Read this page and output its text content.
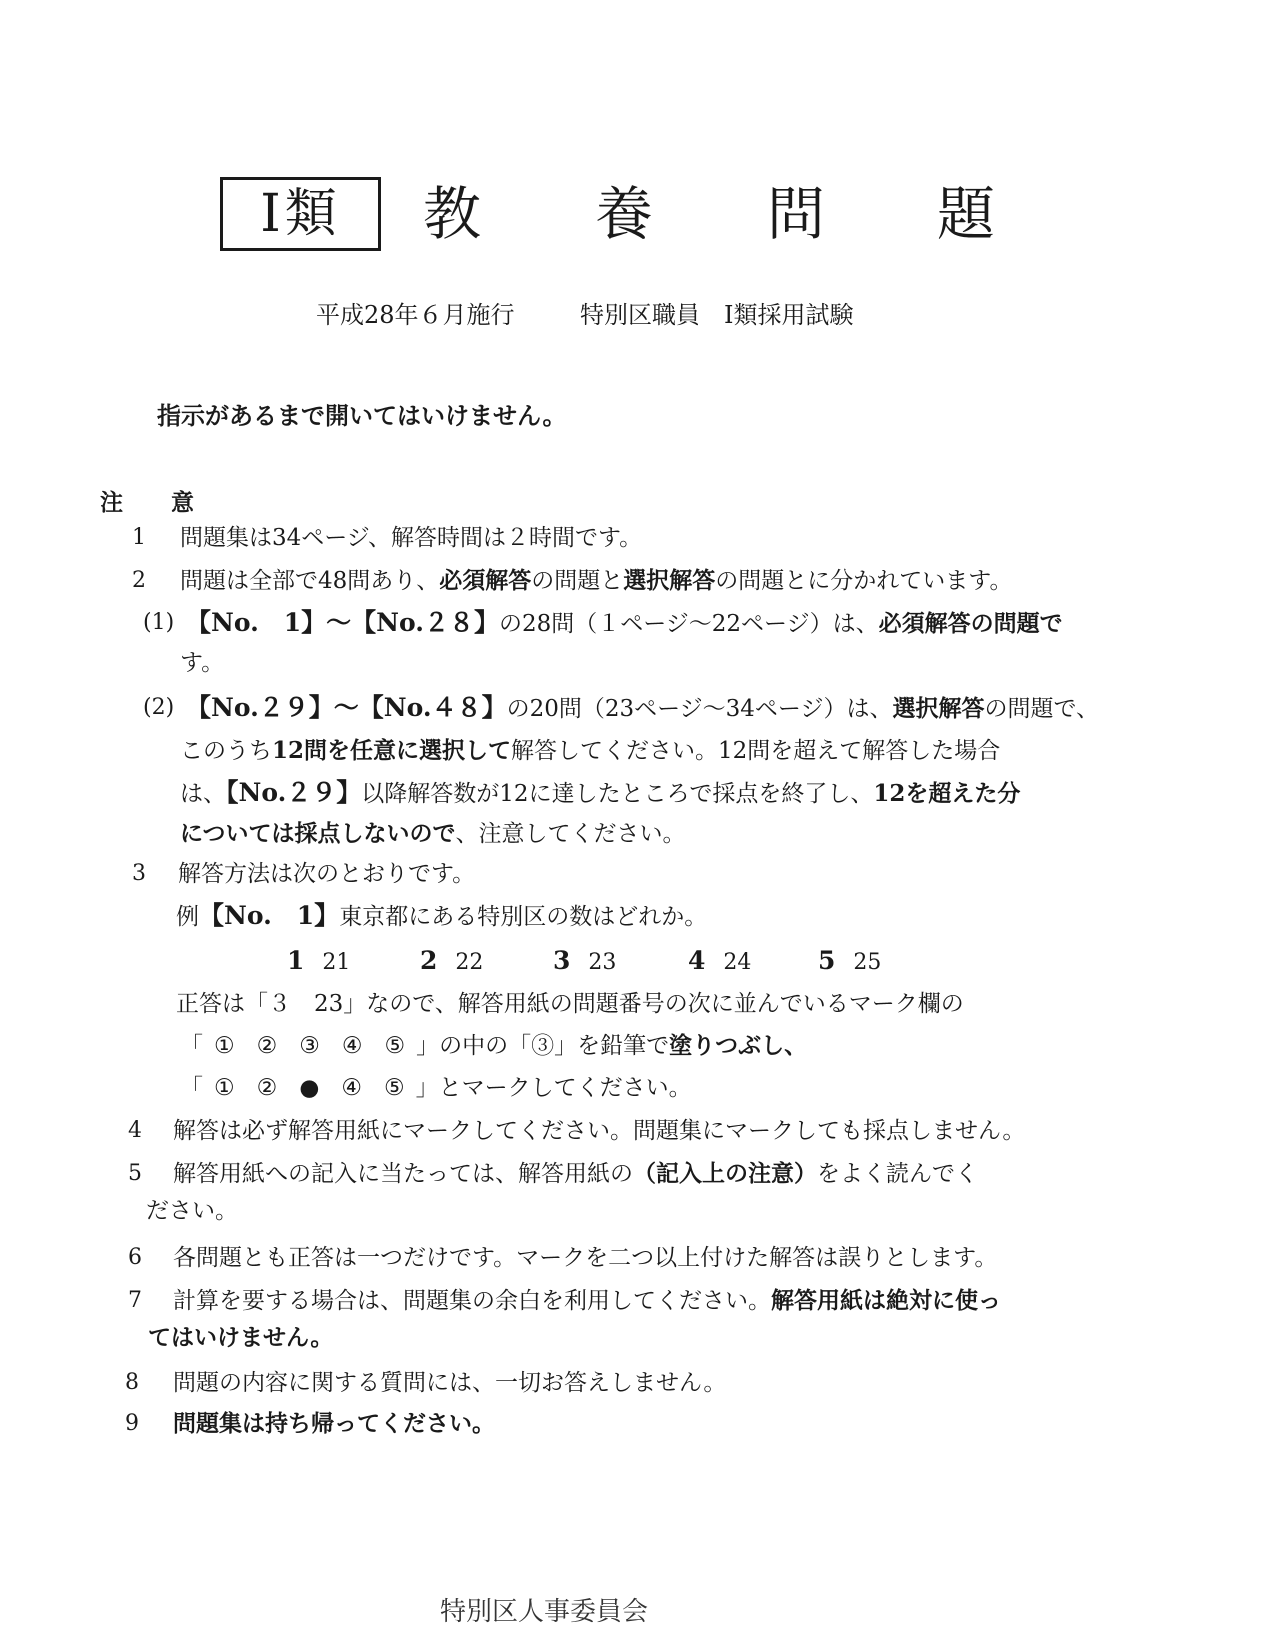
Ⅰ類	教 養 問 題
平成28年６月施行	特別区職員　Ⅰ類採用試験
指示があるまで開いてはいけません。
注 意
1 問題集は34ページ、解答時間は２時間です。
2 問題は全部で48問あり、必須解答の問題と選択解答の問題とに分かれています。
(1) 【No.　1】～【No.２８】の28問（１ページ～22ページ）は、必須解答の問題で
す。
(2) 【No.２９】～【No.４８】の20問（23ページ～34ページ）は、選択解答の問題で、
このうち12問を任意に選択して解答してください。12問を超えて解答した場合
は、【No.２９】以降解答数が12に達したところで採点を終了し、12を超えた分
については採点しないので、注意してください。
3 解答方法は次のとおりです。
例【No.　1】東京都にある特別区の数はどれか。
1 21	2 22	3 23	4 24	5 25
正答は「３　23」なので、解答用紙の問題番号の次に並んでいるマーク欄の
「 ① ② ③ ④ ⑤ 」の中の「③」を鉛筆で塗りつぶし、
「 ① ② ● ④ ⑤ 」とマークしてください。
4 解答は必ず解答用紙にマークしてください。問題集にマークしても採点しません。
5 解答用紙への記入に当たっては、解答用紙の（記入上の注意）をよく読んでく
ださい。
6 各問題とも正答は一つだけです。マークを二つ以上付けた解答は誤りとします。
7 計算を要する場合は、問題集の余白を利用してください。解答用紙は絶対に使っ
てはいけません。
8 問題の内容に関する質問には、一切お答えしません。
9 問題集は持ち帰ってください。
特別区人事委員会
